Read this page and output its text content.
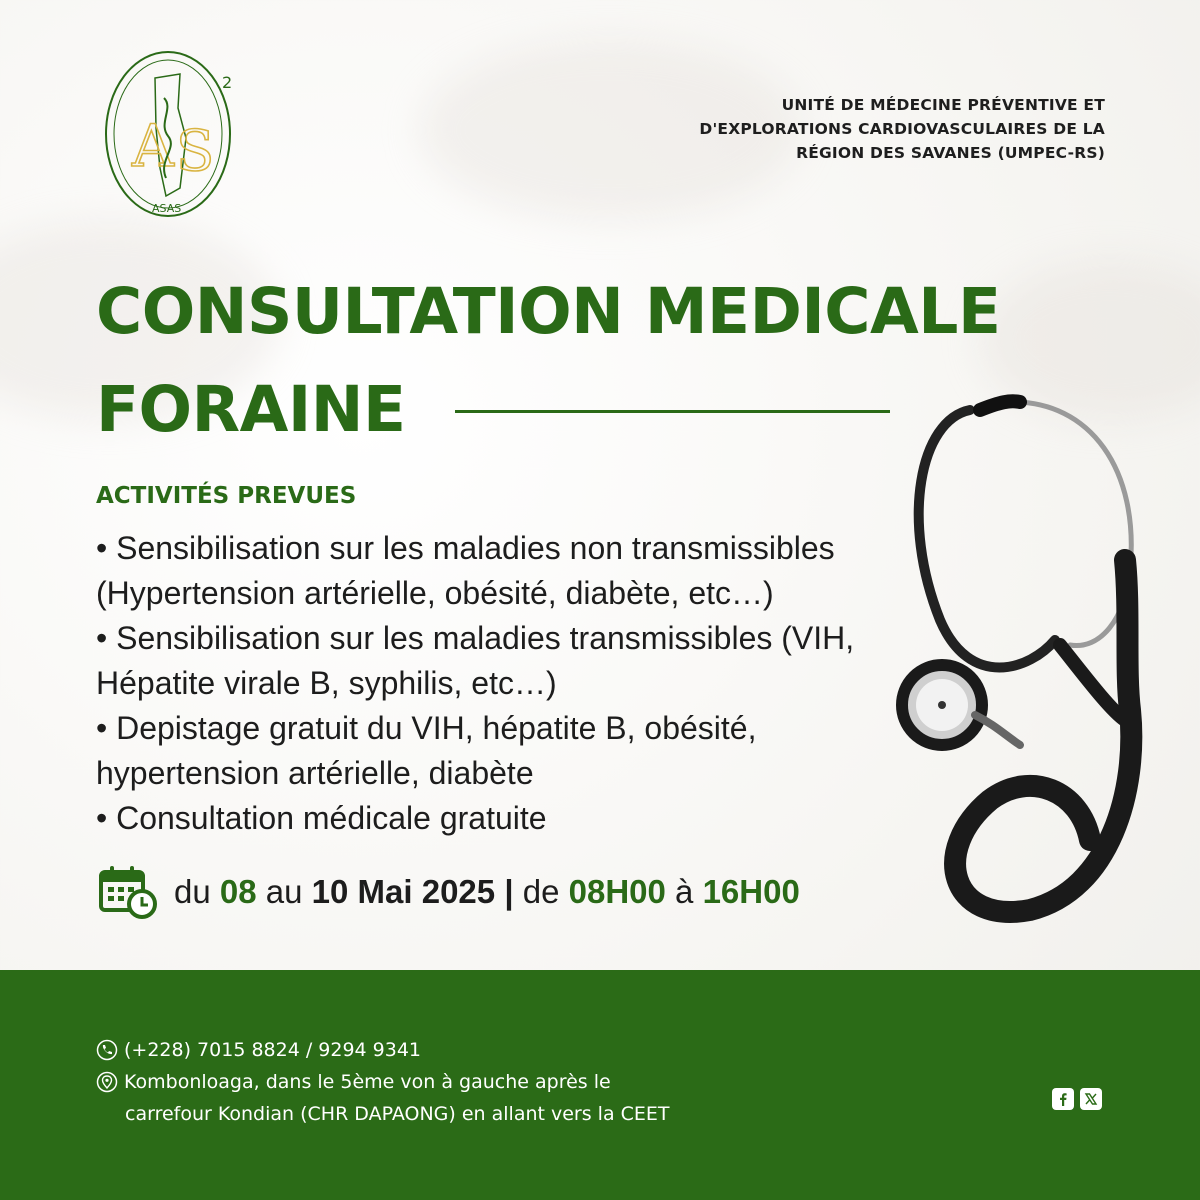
A S
2
ASAS
UNITÉ DE MÉDECINE PRÉVENTIVE ET
D'EXPLORATIONS CARDIOVASCULAIRES DE LA
RÉGION DES SAVANES (UMPEC-RS)
CONSULTATION MEDICALE
FORAINE
ACTIVITÉS PREVUES
• Sensibilisation sur les maladies non transmissibles (Hypertension artérielle, obésité, diabète, etc…)
• Sensibilisation sur les maladies transmissibles (VIH, Hépatite virale B, syphilis, etc…)
• Depistage gratuit du VIH, hépatite B, obésité, hypertension artérielle, diabète
• Consultation médicale gratuite
du 08 au 10 Mai 2025 | de 08H00 à 16H00
(+228) 7015 8824 / 9294 9341
Kombonloaga, dans le 5ème von à gauche après le
carrefour Kondian (CHR DAPAONG) en allant vers la CEET
